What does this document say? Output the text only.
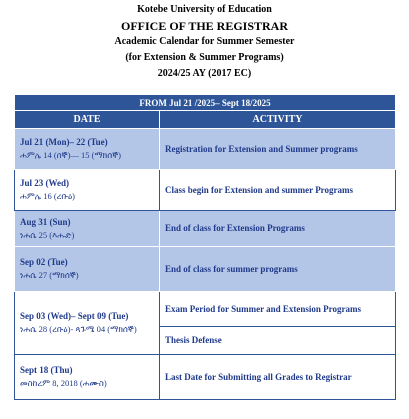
Kotebe University of Education
OFFICE OF THE REGISTRAR
Academic Calendar for Summer Semester
(for Extension & Summer Programs)
2024/25 AY (2017 EC)
FROM Jul 21 /2025– Sept 18/2025	
DATE	ACTIVITY

Jul 21 (Mon)– 22 (Tue)
ሐምሌ 14 (ሰኞ)— 15 (ማክሰኞ)	Registration for Extension and Summer programs

Jul 23 (Wed)
ሐምሌ 16 (ረቡዕ)	Class begin for Extension and summer Programs

Aug 31 (Sun)
ነሐሴ 25 (እሑድ)	End of class for Extension Programs

Sep 02 (Tue)
ነሐሴ 27 (ማክሰኞ)	End of class for summer programs

Sep 03 (Wed)– Sept 09 (Tue)
ነሐሴ 28 (ረቡዕ)- ጳጉሜ 04 (ማክሰኞ)	Exam Period for Summer and Extension Programs

	Thesis Defense

Sept 18 (Thu)
መስከረም 8, 2018 (ሐሙስ)	Last Date for Submitting all Grades to Registrar
